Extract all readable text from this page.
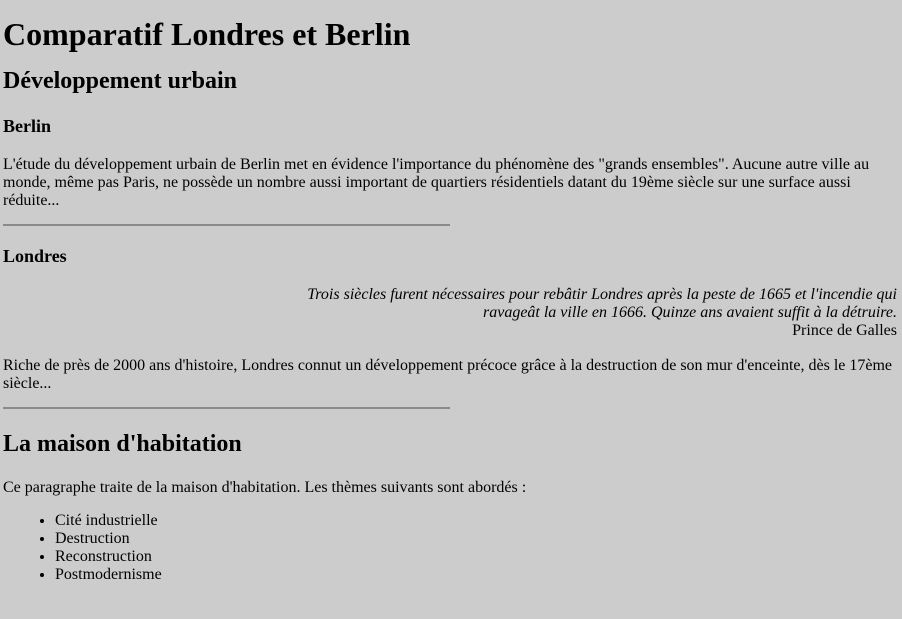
Comparatif Londres et Berlin
Développement urbain
Berlin

L'étude du développement urbain de Berlin met en évidence l'importance du phénomène des "grands ensembles". Aucune autre ville au monde, même pas Paris, ne possède un nombre aussi important de quartiers résidentiels datant du 19ème siècle sur une surface aussi réduite...

Londres
Trois siècles furent nécessaires pour rebâtir Londres après la peste de 1665 et l'incendie qui ravageât la ville en 1666. Quinze ans avaient suffit à la détruire.
Prince de Galles

Riche de près de 2000 ans d'histoire, Londres connut un développement précoce grâce à la destruction de son mur d'enceinte, dès le 17ème siècle...

La maison d'habitation

Ce paragraphe traite de la maison d'habitation. Les thèmes suivants sont abordés :

• Cité industrielle
• Destruction
• Reconstruction
• Postmodernisme
